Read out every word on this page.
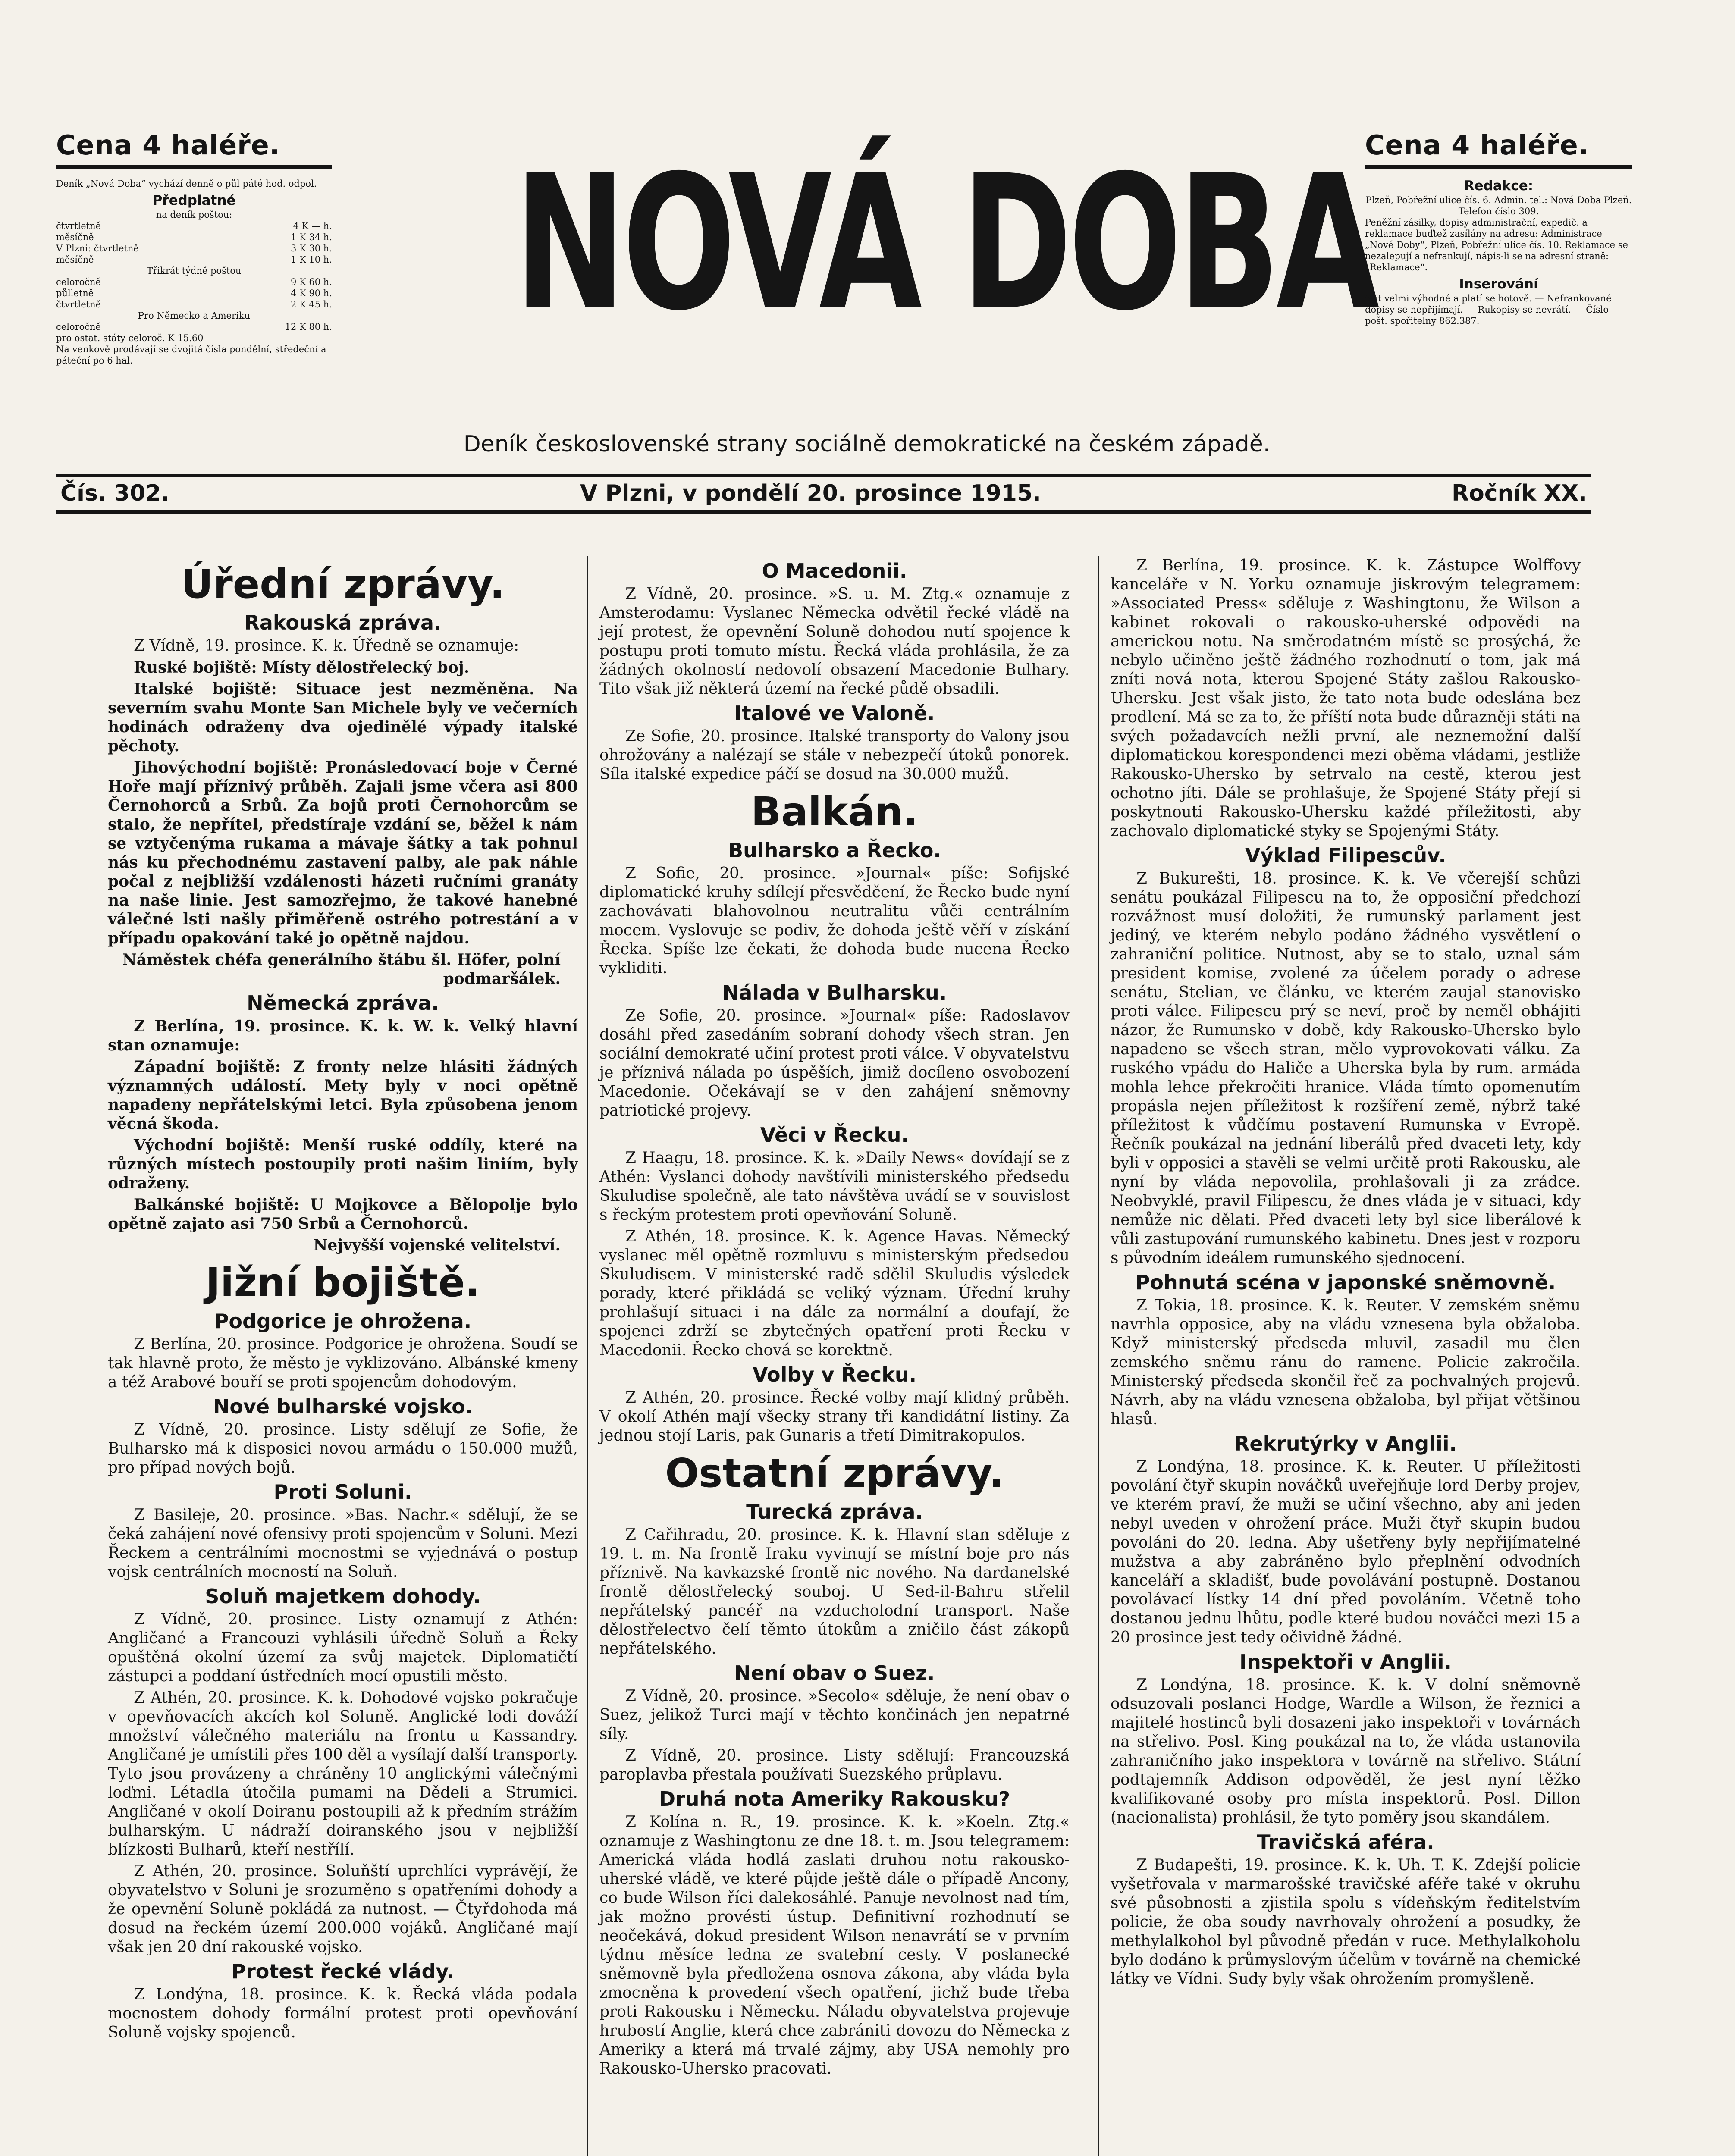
Cena 4 haléře.

Deník „Nová Doba“ vychází denně o půl páté hod. odpol.

Předplatné
na deník poštou:
čtvrtletně	4 K — h.
měsíčně	1 K 34 h.
V Plzni: čtvrtletně	3 K 30 h.
měsíčně	1 K 10 h.
Třikrát týdně poštou
celoročně	9 K 60 h.
půlletně	4 K 90 h.
čtvrtletně	2 K 45 h.
Pro Německo a Ameriku
celoročně	12 K 80 h.

pro ostat. státy celoroč. K 15.60

Na venkově prodávají se dvojitá čísla pondělní, středeční a páteční po 6 hal.

NOVÁ DOBA
Deník československé strany sociálně demokratické na českém západě.
Cena 4 haléře.
Redakce:

Plzeň, Pobřežní ulice čís. 6. Admin. tel.: Nová Doba Plzeň. Telefon číslo 309.

Peněžní zásilky, dopisy administrační, expedič. a reklamace buďtež zasílány na adresu: Administrace „Nové Doby“, Plzeň, Pobřežní ulice čís. 10. Reklamace se nezalepují a nefrankují, nápis-li se na adresní straně: „Reklamace“.

Inserování

jest velmi výhodné a platí se hotově. — Nefrankované dopisy se nepřijímají. — Rukopisy se nevrátí. — Číslo pošt. spořitelny 862.387.

Čís. 302.	V Plzni, v pondělí 20. prosince 1915.	Ročník XX.
Úřední zprávy.
Rakouská zpráva.

Z Vídně, 19. prosince. K. k. Úředně se oznamuje:

Ruské bojiště: Místy dělostřelecký boj.

Italské bojiště: Situace jest nezměněna. Na severním svahu Monte San Michele byly ve večerních hodinách odraženy dva ojedinělé výpady italské pěchoty.

Jihovýchodní bojiště: Pronásledovací boje v Černé Hoře mají příznivý průběh. Zajali jsme včera asi 800 Černohorců a Srbů. Za bojů proti Černohorcům se stalo, že nepřítel, předstíraje vzdání se, běžel k nám se vztyčenýma rukama a mávaje šátky a tak pohnul nás ku přechodnému zastavení palby, ale pak náhle počal z nejbližší vzdálenosti házeti ručními granáty na naše linie. Jest samozřejmo, že takové hanebné válečné lsti našly přiměřeně ostrého potrestání a v případu opakování také jo opětně najdou.

Náměstek chéfa generálního štábu šl. Höfer, polní podmaršálek.

Německá zpráva.

Z Berlína, 19. prosince. K. k. W. k. Velký hlavní stan oznamuje:

Západní bojiště: Z fronty nelze hlásiti žádných významných událostí. Mety byly v noci opětně napadeny nepřátelskými letci. Byla způsobena jenom věcná škoda.

Východní bojiště: Menší ruské oddíly, které na různých místech postoupily proti našim liniím, byly odraženy.

Balkánské bojiště: U Mojkovce a Bělopolje bylo opětně zajato asi 750 Srbů a Černohorců.

Nejvyšší vojenské velitelství.

Jižní bojiště.
Podgorice je ohrožena.

Z Berlína, 20. prosince. Podgorice je ohrožena. Soudí se tak hlavně proto, že město je vyklizováno. Albánské kmeny a též Arabové bouří se proti spojencům dohodovým.

Nové bulharské vojsko.

Z Vídně, 20. prosince. Listy sdělují ze Sofie, že Bulharsko má k disposici novou armádu o 150.000 mužů, pro případ nových bojů.

Proti Soluni.

Z Basileje, 20. prosince. »Bas. Nachr.« sdělují, že se čeká zahájení nové ofensivy proti spojencům v Soluni. Mezi Řeckem a centrálními mocnostmi se vyjednává o postup vojsk centrálních mocností na Soluň.

Soluň majetkem dohody.

Z Vídně, 20. prosince. Listy oznamují z Athén: Angličané a Francouzi vyhlásili úředně Soluň a Řeky opuštěná okolní území za svůj majetek. Diplomatičtí zástupci a poddaní ústředních mocí opustili město.

Z Athén, 20. prosince. K. k. Dohodové vojsko pokračuje v opevňovacích akcích kol Soluně. Anglické lodi dováží množství válečného materiálu na frontu u Kassandry. Angličané je umístili přes 100 děl a vysílají další transporty. Tyto jsou provázeny a chráněny 10 anglickými válečnými loďmi. Létadla útočila pumami na Dědeli a Strumici. Angličané v okolí Doiranu postoupili až k předním strážím bulharským. U nádraží doiranského jsou v nejbližší blízkosti Bulharů, kteří nestřílí.

Z Athén, 20. prosince. Soluňští uprchlíci vyprávějí, že obyvatelstvo v Soluni je srozuměno s opatřeními dohody a že opevnění Soluně pokládá za nutnost. — Čtyřdohoda má dosud na řeckém území 200.000 vojáků. Angličané mají však jen 20 dní rakouské vojsko.

Protest řecké vlády.

Z Londýna, 18. prosince. K. k. Řecká vláda podala mocnostem dohody formální protest proti opevňování Soluně vojsky spojenců.

O Macedonii.

Z Vídně, 20. prosince. »S. u. M. Ztg.« oznamuje z Amsterodamu: Vyslanec Německa odvětil řecké vládě na její protest, že opevnění Soluně dohodou nutí spojence k postupu proti tomuto místu. Řecká vláda prohlásila, že za žádných okolností nedovolí obsazení Macedonie Bulhary. Tito však již některá území na řecké půdě obsadili.

Italové ve Valoně.

Ze Sofie, 20. prosince. Italské transporty do Valony jsou ohrožovány a nalézají se stále v nebezpečí útoků ponorek. Síla italské expedice páčí se dosud na 30.000 mužů.

Balkán.
Bulharsko a Řecko.

Z Sofie, 20. prosince. »Journal« píše: Sofijské diplomatické kruhy sdílejí přesvědčení, že Řecko bude nyní zachovávati blahovolnou neutralitu vůči centrálním mocem. Vyslovuje se podiv, že dohoda ještě věří v získání Řecka. Spíše lze čekati, že dohoda bude nucena Řecko vykliditi.

Nálada v Bulharsku.

Ze Sofie, 20. prosince. »Journal« píše: Radoslavov dosáhl před zasedáním sobraní dohody všech stran. Jen sociální demokraté učiní protest proti válce. V obyvatelstvu je příznivá nálada po úspěších, jimiž docíleno osvobození Macedonie. Očekávají se v den zahájení sněmovny patriotické projevy.

Věci v Řecku.

Z Haagu, 18. prosince. K. k. »Daily News« dovídají se z Athén: Vyslanci dohody navštívili ministerského předsedu Skuludise společně, ale tato návštěva uvádí se v souvislost s řeckým protestem proti opevňování Soluně.

Z Athén, 18. prosince. K. k. Agence Havas. Německý vyslanec měl opětně rozmluvu s ministerským předsedou Skuludisem. V ministerské radě sdělil Skuludis výsledek porady, které přikládá se veliký význam. Úřední kruhy prohlašují situaci i na dále za normální a doufají, že spojenci zdrží se zbytečných opatření proti Řecku v Macedonii. Řecko chová se korektně.

Volby v Řecku.

Z Athén, 20. prosince. Řecké volby mají klidný průběh. V okolí Athén mají všecky strany tři kandidátní listiny. Za jednou stojí Laris, pak Gunaris a třetí Dimitrakopulos.

Ostatní zprávy.
Turecká zpráva.

Z Cařihradu, 20. prosince. K. k. Hlavní stan sděluje z 19. t. m. Na frontě Iraku vyvinují se místní boje pro nás příznivě. Na kavkazské frontě nic nového. Na dardanelské frontě dělostřelecký souboj. U Sed-il-Bahru střelil nepřátelský pancéř na vzducholodní transport. Naše dělostřelectvo čelí těmto útokům a zničilo část zákopů nepřátelského.

Není obav o Suez.

Z Vídně, 20. prosince. »Secolo« sděluje, že není obav o Suez, jelikož Turci mají v těchto končinách jen nepatrné síly.

Z Vídně, 20. prosince. Listy sdělují: Francouzská paroplavba přestala používati Suezského průplavu.

Druhá nota Ameriky Rakousku?

Z Kolína n. R., 19. prosince. K. k. »Koeln. Ztg.« oznamuje z Washingtonu ze dne 18. t. m. Jsou telegramem: Americká vláda hodlá zaslati druhou notu rakousko-uherské vládě, ve které půjde ještě dále o případě Ancony, co bude Wilson říci dalekosáhlé. Panuje nevolnost nad tím, jak možno provésti ústup. Definitivní rozhodnutí se neočekává, dokud president Wilson nenavrátí se v prvním týdnu měsíce ledna ze svatební cesty. V poslanecké sněmovně byla předložena osnova zákona, aby vláda byla zmocněna k provedení všech opatření, jichž bude třeba proti Rakousku i Německu. Náladu obyvatelstva projevuje hrubostí Anglie, která chce zabrániti dovozu do Německa z Ameriky a která má trvalé zájmy, aby USA nemohly pro Rakousko-Uhersko pracovati.

Z Berlína, 19. prosince. K. k. Zástupce Wolffovy kanceláře v N. Yorku oznamuje jiskrovým telegramem: »Associated Press« sděluje z Washingtonu, že Wilson a kabinet rokovali o rakousko-uherské odpovědi na americkou notu. Na směrodatném místě se prosýchá, že nebylo učiněno ještě žádného rozhodnutí o tom, jak má zníti nová nota, kterou Spojené Státy zašlou Rakousko-Uhersku. Jest však jisto, že tato nota bude odeslána bez prodlení. Má se za to, že příští nota bude důrazněji státi na svých požadavcích nežli první, ale neznemožní další diplomatickou korespondenci mezi oběma vládami, jestliže Rakousko-Uhersko by setrvalo na cestě, kterou jest ochotno jíti. Dále se prohlašuje, že Spojené Státy přejí si poskytnouti Rakousko-Uhersku každé příležitosti, aby zachovalo diplomatické styky se Spojenými Státy.

Výklad Filipescův.

Z Bukurešti, 18. prosince. K. k. Ve včerejší schůzi senátu poukázal Filipescu na to, že opposiční předchozí rozvážnost musí doložiti, že rumunský parlament jest jediný, ve kterém nebylo podáno žádného vysvětlení o zahraniční politice. Nutnost, aby se to stalo, uznal sám president komise, zvolené za účelem porady o adrese senátu, Stelian, ve článku, ve kterém zaujal stanovisko proti válce. Filipescu prý se neví, proč by neměl obhájiti názor, že Rumunsko v době, kdy Rakousko-Uhersko bylo napadeno se všech stran, mělo vyprovokovati válku. Za ruského vpádu do Haliče a Uherska byla by rum. armáda mohla lehce překročiti hranice. Vláda tímto opomenutím propásla nejen příležitost k rozšíření země, nýbrž také příležitost k vůdčímu postavení Rumunska v Evropě. Řečník poukázal na jednání liberálů před dvaceti lety, kdy byli v opposici a stavěli se velmi určitě proti Rakousku, ale nyní by vláda nepovolila, prohlašovali ji za zrádce. Neobvyklé, pravil Filipescu, že dnes vláda je v situaci, kdy nemůže nic dělati. Před dvaceti lety byl sice liberálové k vůli zastupování rumunského kabinetu. Dnes jest v rozporu s původním ideálem rumunského sjednocení.

Pohnutá scéna v japonské sněmovně.

Z Tokia, 18. prosince. K. k. Reuter. V zemském sněmu navrhla opposice, aby na vládu vznesena byla obžaloba. Když ministerský předseda mluvil, zasadil mu člen zemského sněmu ránu do ramene. Policie zakročila. Ministerský předseda skončil řeč za pochvalných projevů. Návrh, aby na vládu vznesena obžaloba, byl přijat většinou hlasů.

Rekrutýrky v Anglii.

Z Londýna, 18. prosince. K. k. Reuter. U příležitosti povolání čtyř skupin nováčků uveřejňuje lord Derby projev, ve kterém praví, že muži se učiní všechno, aby ani jeden nebyl uveden v ohrožení práce. Muži čtyř skupin budou povoláni do 20. ledna. Aby ušetřeny byly nepřijímatelné mužstva a aby zabráněno bylo přeplnění odvodních kanceláří a skladišť, bude povolávání postupně. Dostanou povolávací lístky 14 dní před povoláním. Včetně toho dostanou jednu lhůtu, podle které budou nováčci mezi 15 a 20 prosince jest tedy očividně žádné.

Inspektoři v Anglii.

Z Londýna, 18. prosince. K. k. V dolní sněmovně odsuzovali poslanci Hodge, Wardle a Wilson, že řeznici a majitelé hostinců byli dosazeni jako inspektoři v továrnách na střelivo. Posl. King poukázal na to, že vláda ustanovila zahraničního jako inspektora v továrně na střelivo. Státní podtajemník Addison odpověděl, že jest nyní těžko kvalifikované osoby pro místa inspektorů. Posl. Dillon (nacionalista) prohlásil, že tyto poměry jsou skandálem.

Travičská aféra.

Z Budapešti, 19. prosince. K. k. Uh. T. K. Zdejší policie vyšetřovala v marmarošské travičské aféře také v okruhu své působnosti a zjistila spolu s vídeňským ředitelstvím policie, že oba soudy navrhovaly ohrožení a posudky, že methylalkohol byl původně předán v ruce. Methylalkoholu bylo dodáno k průmyslovým účelům v továrně na chemické látky ve Vídni. Sudy byly však ohrožením promyšleně.
